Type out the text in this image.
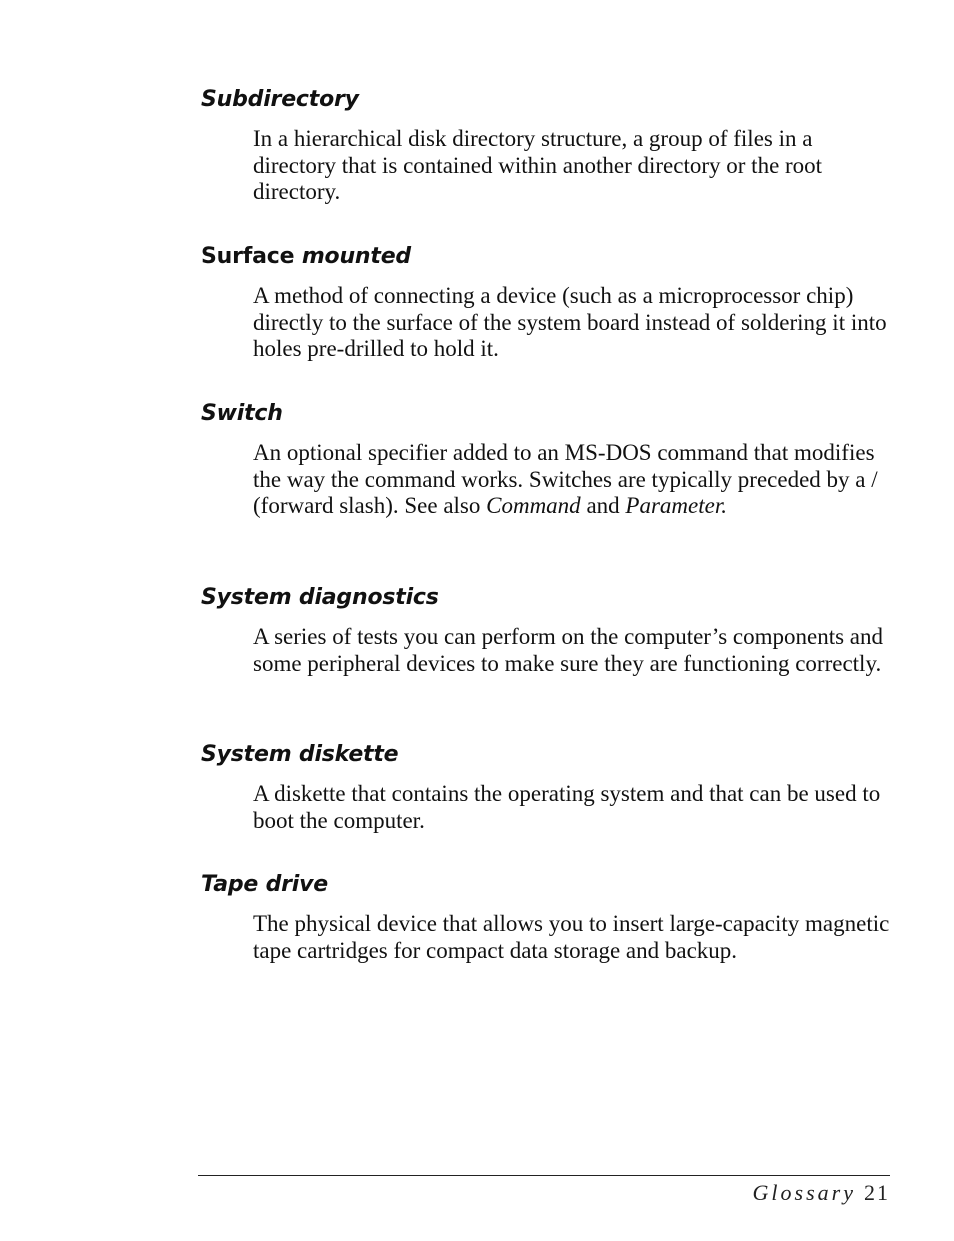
Subdirectory

In a hierarchical disk directory structure, a group of files in a directory that is contained within another directory or the root directory.

Surface mounted

A method of connecting a device (such as a microprocessor chip) directly to the surface of the system board instead of soldering it into holes pre-drilled to hold it.

Switch

An optional specifier added to an MS-DOS command that modifies the way the command works. Switches are typically preceded by a / (forward slash). See also Command and Parameter.

System diagnostics

A series of tests you can perform on the computer’s components and some peripheral devices to make sure they are functioning correctly.

System diskette

A diskette that contains the operating system and that can be used to boot the computer.

Tape drive

The physical device that allows you to insert large-capacity magnetic tape cartridges for compact data storage and backup.

Glossary 21
